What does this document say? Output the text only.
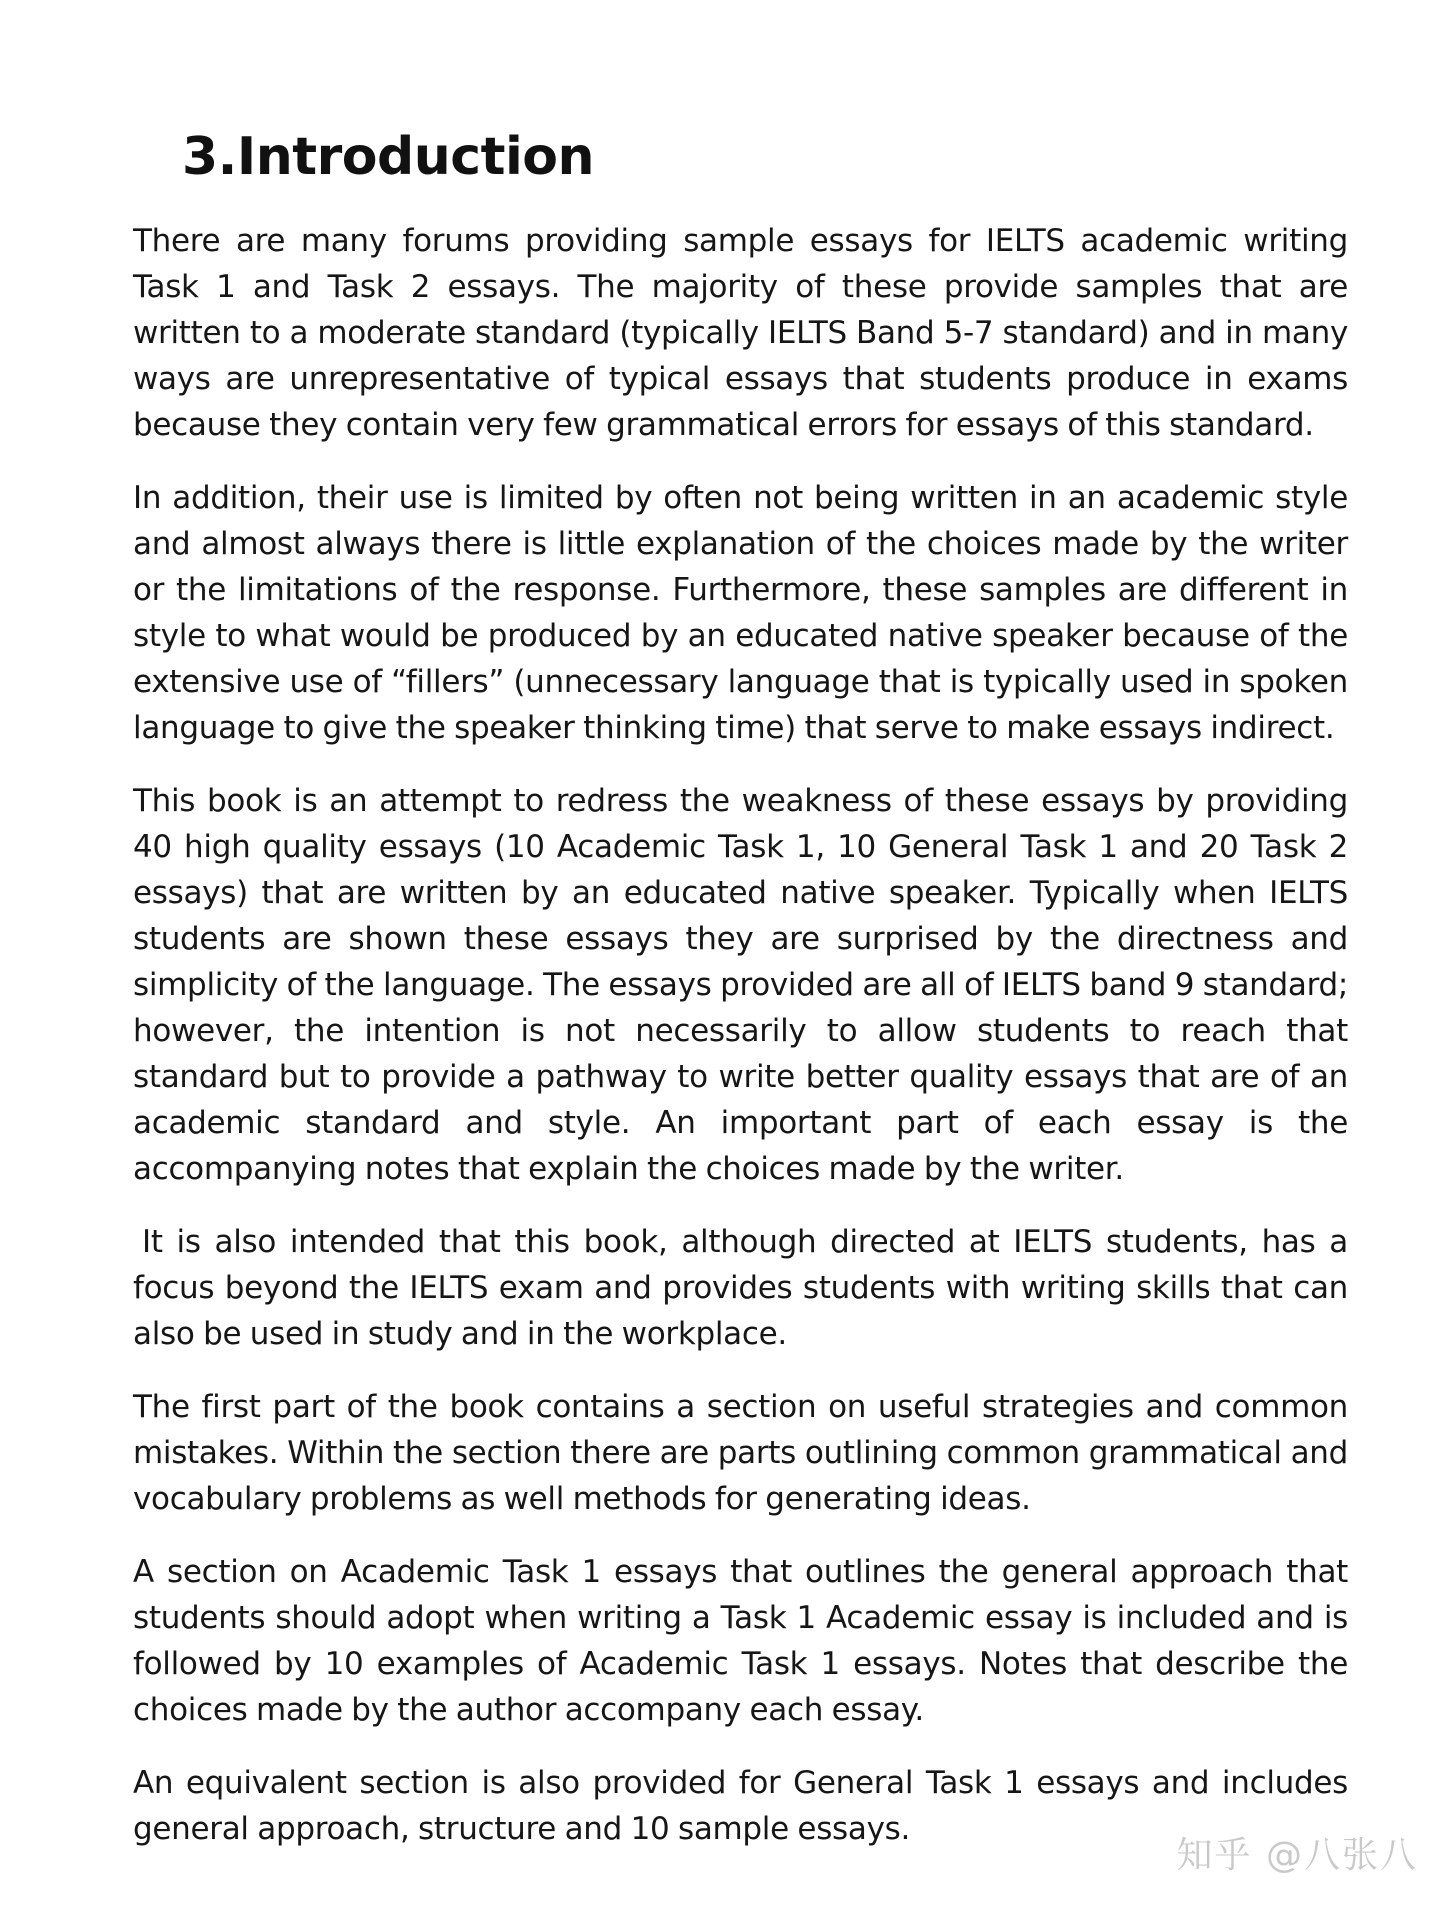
3.Introduction

There are many forums providing sample essays for IELTS academic writing Task 1 and Task 2 essays. The majority of these provide samples that are written to a moderate standard (typically IELTS Band 5-7 standard) and in many ways are unrepresentative of typical essays that students produce in exams because they contain very few grammatical errors for essays of this standard.

In addition, their use is limited by often not being written in an academic style and almost always there is little explanation of the choices made by the writer or the limitations of the response. Furthermore, these samples are different in style to what would be produced by an educated native speaker because of the extensive use of “fillers” (unnecessary language that is typically used in spoken language to give the speaker thinking time) that serve to make essays indirect.

This book is an attempt to redress the weakness of these essays by providing 40 high quality essays (10 Academic Task 1, 10 General Task 1 and 20 Task 2 essays) that are written by an educated native speaker. Typically when IELTS students are shown these essays they are surprised by the directness and simplicity of the language. The essays provided are all of IELTS band 9 standard; however, the intention is not necessarily to allow students to reach that standard but to provide a pathway to write better quality essays that are of an academic standard and style. An important part of each essay is the accompanying notes that explain the choices made by the writer.

It is also intended that this book, although directed at IELTS students, has a focus beyond the IELTS exam and provides students with writing skills that can also be used in study and in the workplace.

The first part of the book contains a section on useful strategies and common mistakes. Within the section there are parts outlining common grammatical and vocabulary problems as well methods for generating ideas.

A section on Academic Task 1 essays that outlines the general approach that students should adopt when writing a Task 1 Academic essay is included and is followed by 10 examples of Academic Task 1 essays. Notes that describe the choices made by the author accompany each essay.

An equivalent section is also provided for General Task 1 essays and includes general approach, structure and 10 sample essays.

知乎 @八张八
